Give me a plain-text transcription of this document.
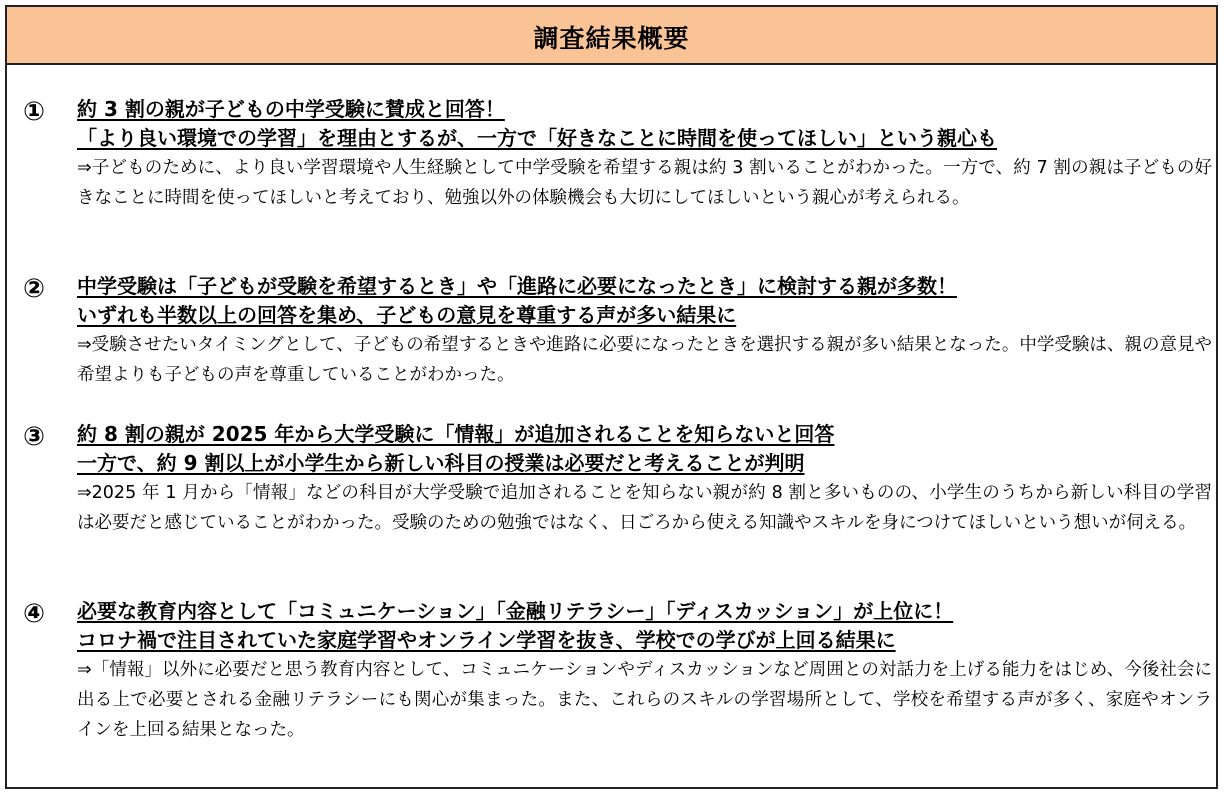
調査結果概要
①	約 3 割の親が子どもの中学受験に賛成と回答！

「より良い環境での学習」を理由とするが、一方で「好きなことに時間を使ってほしい」という親心も

⇒子どものために、より良い学習環境や人生経験として中学受験を希望する親は約 3 割いることがわかった。一方で、約 7 割の親は子どもの好きなことに時間を使ってほしいと考えており、勉強以外の体験機会も大切にしてほしいという親心が考えられる。

②	中学受験は「子どもが受験を希望するとき」や「進路に必要になったとき」に検討する親が多数！

いずれも半数以上の回答を集め、子どもの意見を尊重する声が多い結果に

⇒受験させたいタイミングとして、子どもの希望するときや進路に必要になったときを選択する親が多い結果となった。中学受験は、親の意見や希望よりも子どもの声を尊重していることがわかった。

③	約 8 割の親が 2025 年から大学受験に「情報」が追加されることを知らないと回答

一方で、約 9 割以上が小学生から新しい科目の授業は必要だと考えることが判明

⇒2025 年 1 月から「情報」などの科目が大学受験で追加されることを知らない親が約 8 割と多いものの、小学生のうちから新しい科目の学習は必要だと感じていることがわかった。受験のための勉強ではなく、日ごろから使える知識やスキルを身につけてほしいという想いが伺える。

④	必要な教育内容として「コミュニケーション」「金融リテラシー」「ディスカッション」が上位に！

コロナ禍で注目されていた家庭学習やオンライン学習を抜き、学校での学びが上回る結果に

⇒「情報」以外に必要だと思う教育内容として、コミュニケーションやディスカッションなど周囲との対話力を上げる能力をはじめ、今後社会に出る上で必要とされる金融リテラシーにも関心が集まった。また、これらのスキルの学習場所として、学校を希望する声が多く、家庭やオンラインを上回る結果となった。
